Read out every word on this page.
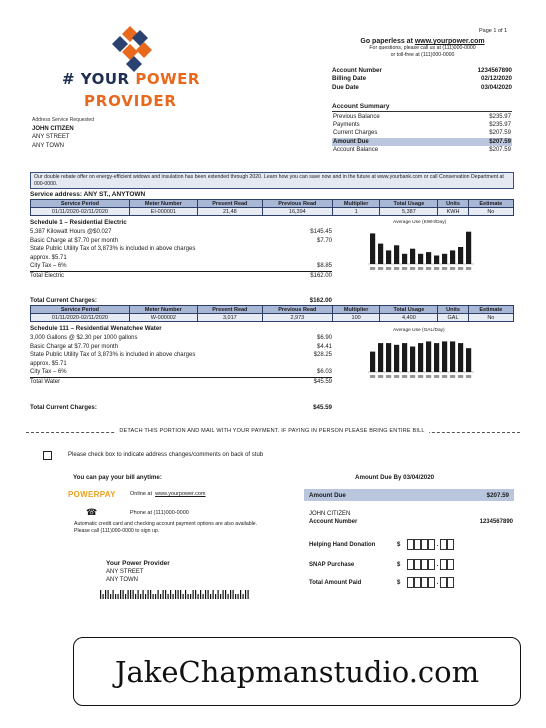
Page 1 of 1
# YOUR POWER
PROVIDER
Address Service Requested
JOHN CITIZEN
ANY STREET
ANY TOWN
Go paperless at www.yourpower.com
For questions, please call us at (111)000-0000
or toll-free at (111)000-0000
Account Number	1234567890
Billing Date	02/12/2020
Due Date	03/04/2020
Account Summary
Previous Balance	$235.97
Payments	$235.97
Current Charges	$207.59
Amount Due	$207.59
Account Balance	$207.59
Our double rebate offer on energy-efficient widows and insulation has been extended through 2020. Learn how you can save now and in the future at www.yourbank.com or call Conservation Department at 000-0000.
Service address: ANY ST., ANYTOWN
Service Period	Meter Number	Present Read	Previous Read	Multiplier	Total Usage	Units	Estimate
01/11/2020-02/11/2020	EI-000001	21,48	16,394	1	5,387	KWH	No
Schedule 1 – Residential Electric
5,387 Kilowatt Hours @$0.027	$145.45
Basic Charge at $7.70 per month	$7.70
State Public Utility Tax of 3,873% is included in above charges
approx. $5.71
City Tax – 6%	$8.85
Total Electric	$162.00
Average Use (KWH/Day)
Total Current Charges:	$162.00
Service Period	Meter Number	Present Read	Previous Read	Multiplier	Total Usage	Units	Estimate
01/11/2020-02/11/2020	W-000002	3,017	2,973	100	4,400	GAL	No
Schedule 111 – Residential Wenatchee Water
3,000 Gallons @ $2.30 per 1000 gallons	$6.90
Basic Charge at $7.70 per month	$4.41
State Public Utility Tax of 3,873% is included in above charges	$28.25
approx. $5.71
City Tax – 6%	$6.03
Total Water	$45.59
Average Use (GAL/Day)
Total Current Charges:	$45.59
DETACH THIS PORTION AND MAIL WITH YOUR PAYMENT. IF PAYING IN PERSON PLEASE BRING ENTIRE BILL
Please check box to indicate address changes/comments on back of stub
You can pay your bill anytime:	Amount Due By 03/04/2020
POWERPAY	Online at www.yourpower.com
☎	Phone at (111)000-0000
Automatic credit card and checking account payment options are also available. Please call (111)000-0000 to sign up.
Your Power Provider
ANY STREET
ANY TOWN
Amount Due	$207.59
JOHN CITIZEN
Account Number	1234567890
Helping Hand Donation	$	.
SNAP Purchase	$	.
Total Amount Paid	$	.
JakeChapmanstudio.com
